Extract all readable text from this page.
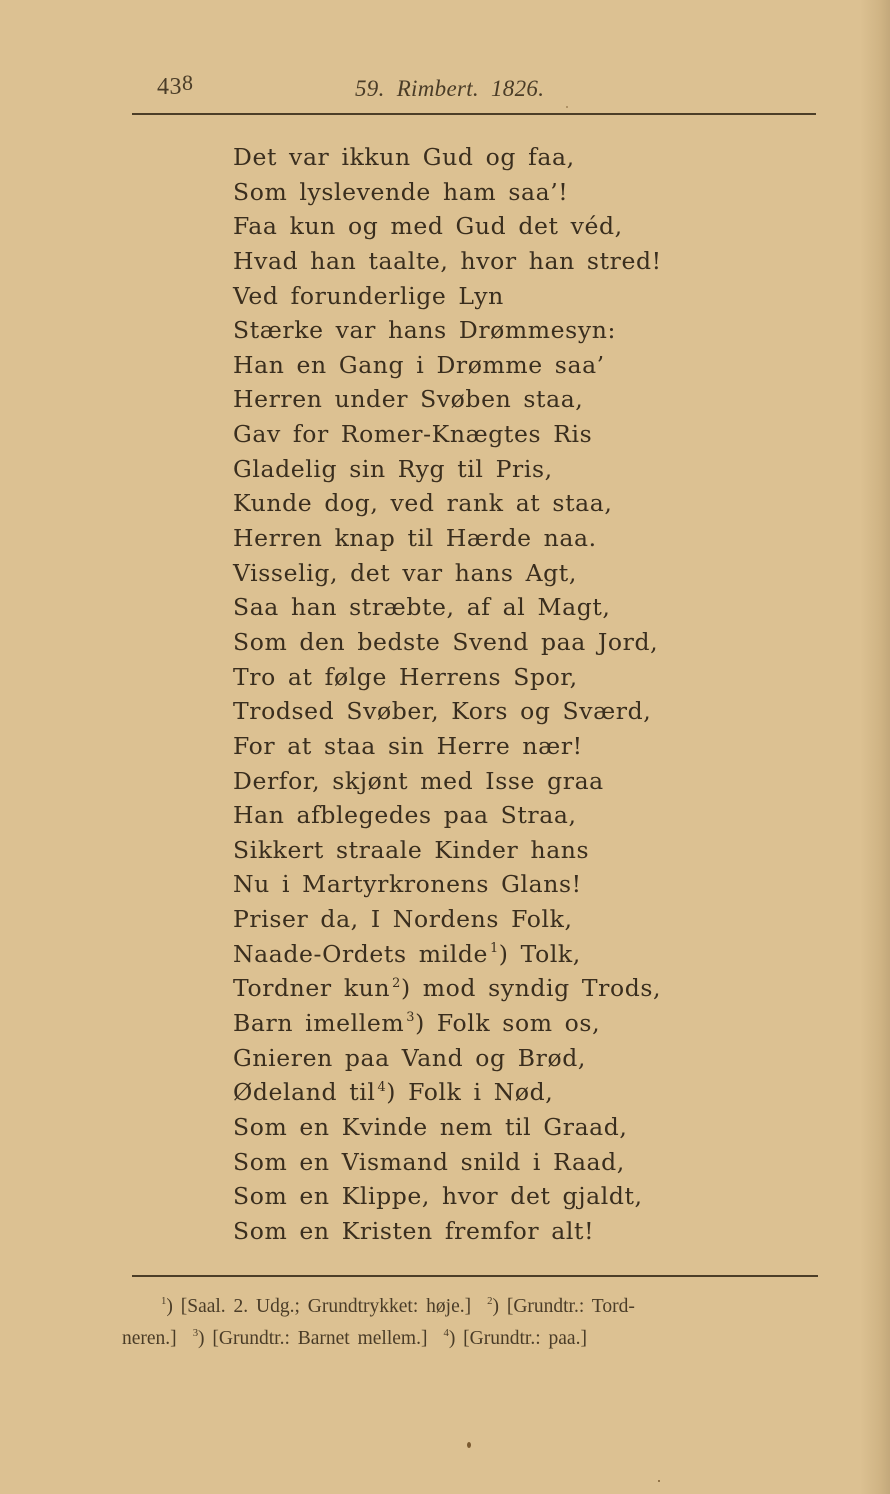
438	59. Rimbert. 1826.
Det var ikkun Gud og faa,
Som lyslevende ham saa’!
Faa kun og med Gud det véd,
Hvad han taalte, hvor han stred!
Ved forunderlige Lyn
Stærke var hans Drømmesyn:
Han en Gang i Drømme saa’
Herren under Svøben staa,
Gav for Romer-Knægtes Ris
Gladelig sin Ryg til Pris,
Kunde dog, ved rank at staa,
Herren knap til Hærde naa.
Visselig, det var hans Agt,
Saa han stræbte, af al Magt,
Som den bedste Svend paa Jord,
Tro at følge Herrens Spor,
Trodsed Svøber, Kors og Sværd,
For at staa sin Herre nær!
Derfor, skjønt med Isse graa
Han afblegedes paa Straa,
Sikkert straale Kinder hans
Nu i Martyrkronens Glans!
Priser da, I Nordens Folk,
Naade-Ordets milde $^1$) Tolk,
Tordner kun $^2$) mod syndig Trods,
Barn imellem $^3$) Folk som os,
Gnieren paa Vand og Brød,
Ødeland til $^4$) Folk i Nød,
Som en Kvinde nem til Graad,
Som en Vismand snild i Raad,
Som en Klippe, hvor det gjaldt,
Som en Kristen fremfor alt!
$^1$) [Saal. 2. Udg.; Grundtrykket: høje.] $^2$) [Grundtr.: Tord-
neren.] $^3$) [Grundtr.: Barnet mellem.] $^4$) [Grundtr.: paa.]
